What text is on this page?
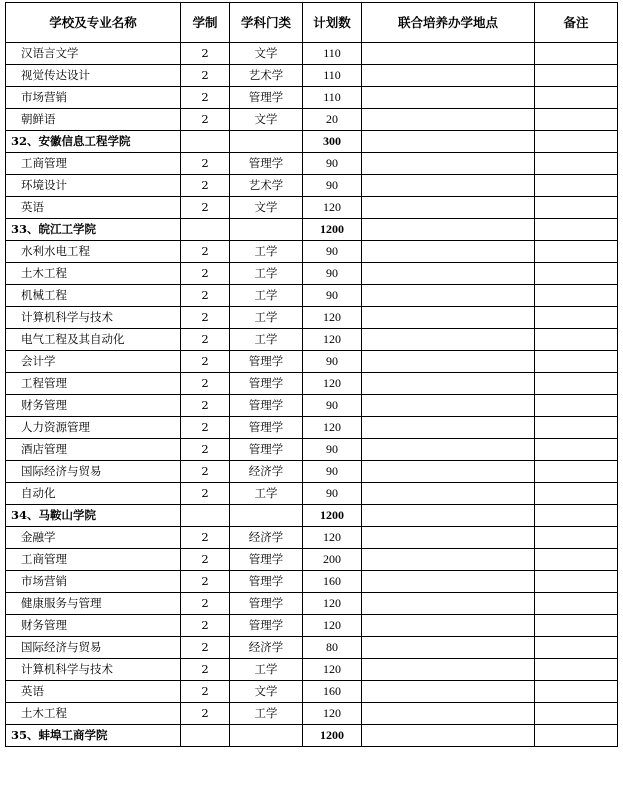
学校及专业名称	学制	学科门类	计划数	联合培养办学地点	备注
汉语言文学	2	文学	110		
视觉传达设计	2	艺术学	110		
市场营销	2	管理学	110		
朝鲜语	2	文学	20		
32、安徽信息工程学院			300		
工商管理	2	管理学	90		
环境设计	2	艺术学	90		
英语	2	文学	120		
33、皖江工学院			1200		
水利水电工程	2	工学	90		
土木工程	2	工学	90		
机械工程	2	工学	90		
计算机科学与技术	2	工学	120		
电气工程及其自动化	2	工学	120		
会计学	2	管理学	90		
工程管理	2	管理学	120		
财务管理	2	管理学	90		
人力资源管理	2	管理学	120		
酒店管理	2	管理学	90		
国际经济与贸易	2	经济学	90		
自动化	2	工学	90		
34、马鞍山学院			1200		
金融学	2	经济学	120		
工商管理	2	管理学	200		
市场营销	2	管理学	160		
健康服务与管理	2	管理学	120		
财务管理	2	管理学	120		
国际经济与贸易	2	经济学	80		
计算机科学与技术	2	工学	120		
英语	2	文学	160		
土木工程	2	工学	120		
35、蚌埠工商学院			1200		
